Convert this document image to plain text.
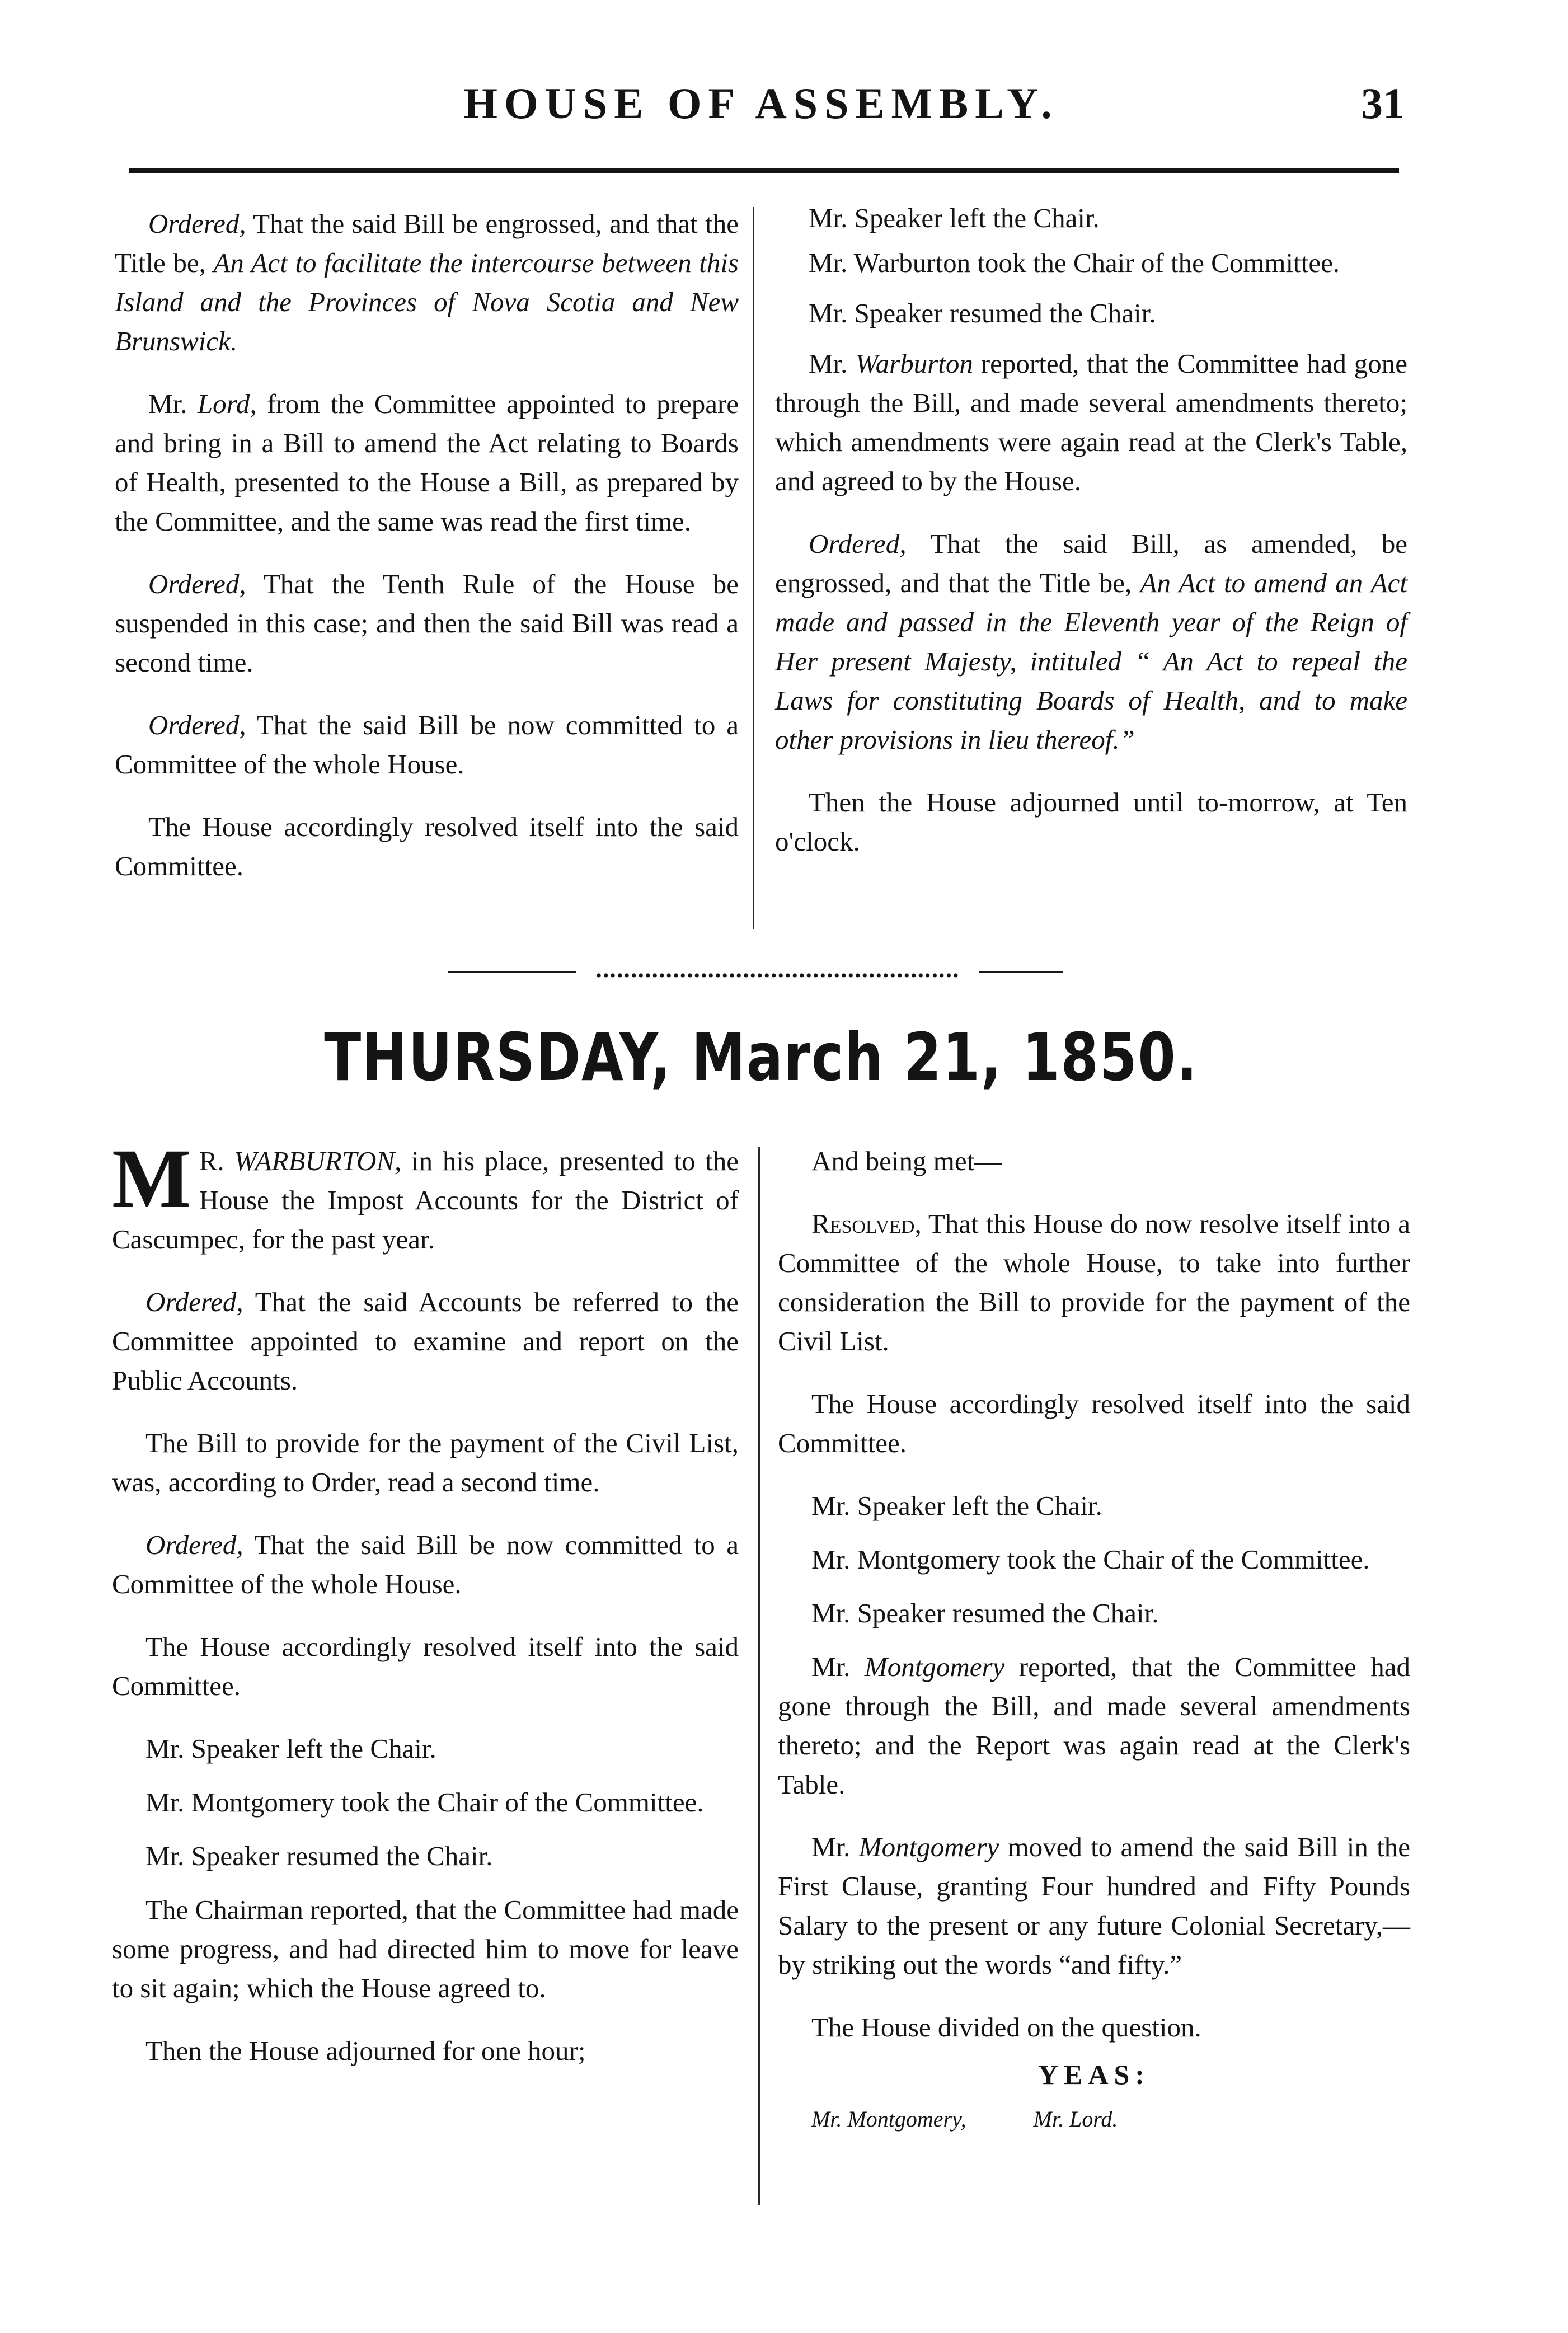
HOUSE OF ASSEMBLY.	31

Ordered, That the said Bill be engrossed, and that the Title be, An Act to facilitate the intercourse between this Island and the Provinces of Nova Scotia and New Brunswick.

Mr. Lord, from the Committee appointed to prepare and bring in a Bill to amend the Act relating to Boards of Health, presented to the House a Bill, as prepared by the Committee, and the same was read the first time.

Ordered, That the Tenth Rule of the House be suspended in this case; and then the said Bill was read a second time.

Ordered, That the said Bill be now committed to a Committee of the whole House.

The House accordingly resolved itself into the said Committee.

Mr. Speaker left the Chair.

Mr. Warburton took the Chair of the Committee.

Mr. Speaker resumed the Chair.

Mr. Warburton reported, that the Committee had gone through the Bill, and made several amendments thereto; which amendments were again read at the Clerk's Table, and agreed to by the House.

Ordered, That the said Bill, as amended, be engrossed, and that the Title be, An Act to amend an Act made and passed in the Eleventh year of the Reign of Her present Majesty, intituled “ An Act to repeal the Laws for constituting Boards of Health, and to make other provisions in lieu thereof.”

Then the House adjourned until to-morrow, at Ten o'clock.

••••••••••••••••••••••••••••••••••••••••••••••••••••
THURSDAY, March 21, 1850.

M R. WARBURTON, in his place, presented to the House the Impost Accounts for the District of Cascumpec, for the past year.

Ordered, That the said Accounts be referred to the Committee appointed to examine and report on the Public Accounts.

The Bill to provide for the payment of the Civil List, was, according to Order, read a second time.

Ordered, That the said Bill be now committed to a Committee of the whole House.

The House accordingly resolved itself into the said Committee.

Mr. Speaker left the Chair.

Mr. Montgomery took the Chair of the Committee.

Mr. Speaker resumed the Chair.

The Chairman reported, that the Committee had made some progress, and had directed him to move for leave to sit again; which the House agreed to.

Then the House adjourned for one hour;

And being met—

Resolved, That this House do now resolve itself into a Committee of the whole House, to take into further consideration the Bill to provide for the payment of the Civil List.

The House accordingly resolved itself into the said Committee.

Mr. Speaker left the Chair.

Mr. Montgomery took the Chair of the Committee.

Mr. Speaker resumed the Chair.

Mr. Montgomery reported, that the Committee had gone through the Bill, and made several amendments thereto; and the Report was again read at the Clerk's Table.

Mr. Montgomery moved to amend the said Bill in the First Clause, granting Four hundred and Fifty Pounds Salary to the present or any future Colonial Secretary,—by striking out the words “and fifty.”

The House divided on the question.

YEAS:
Mr. Montgomery,	Mr. Lord.
